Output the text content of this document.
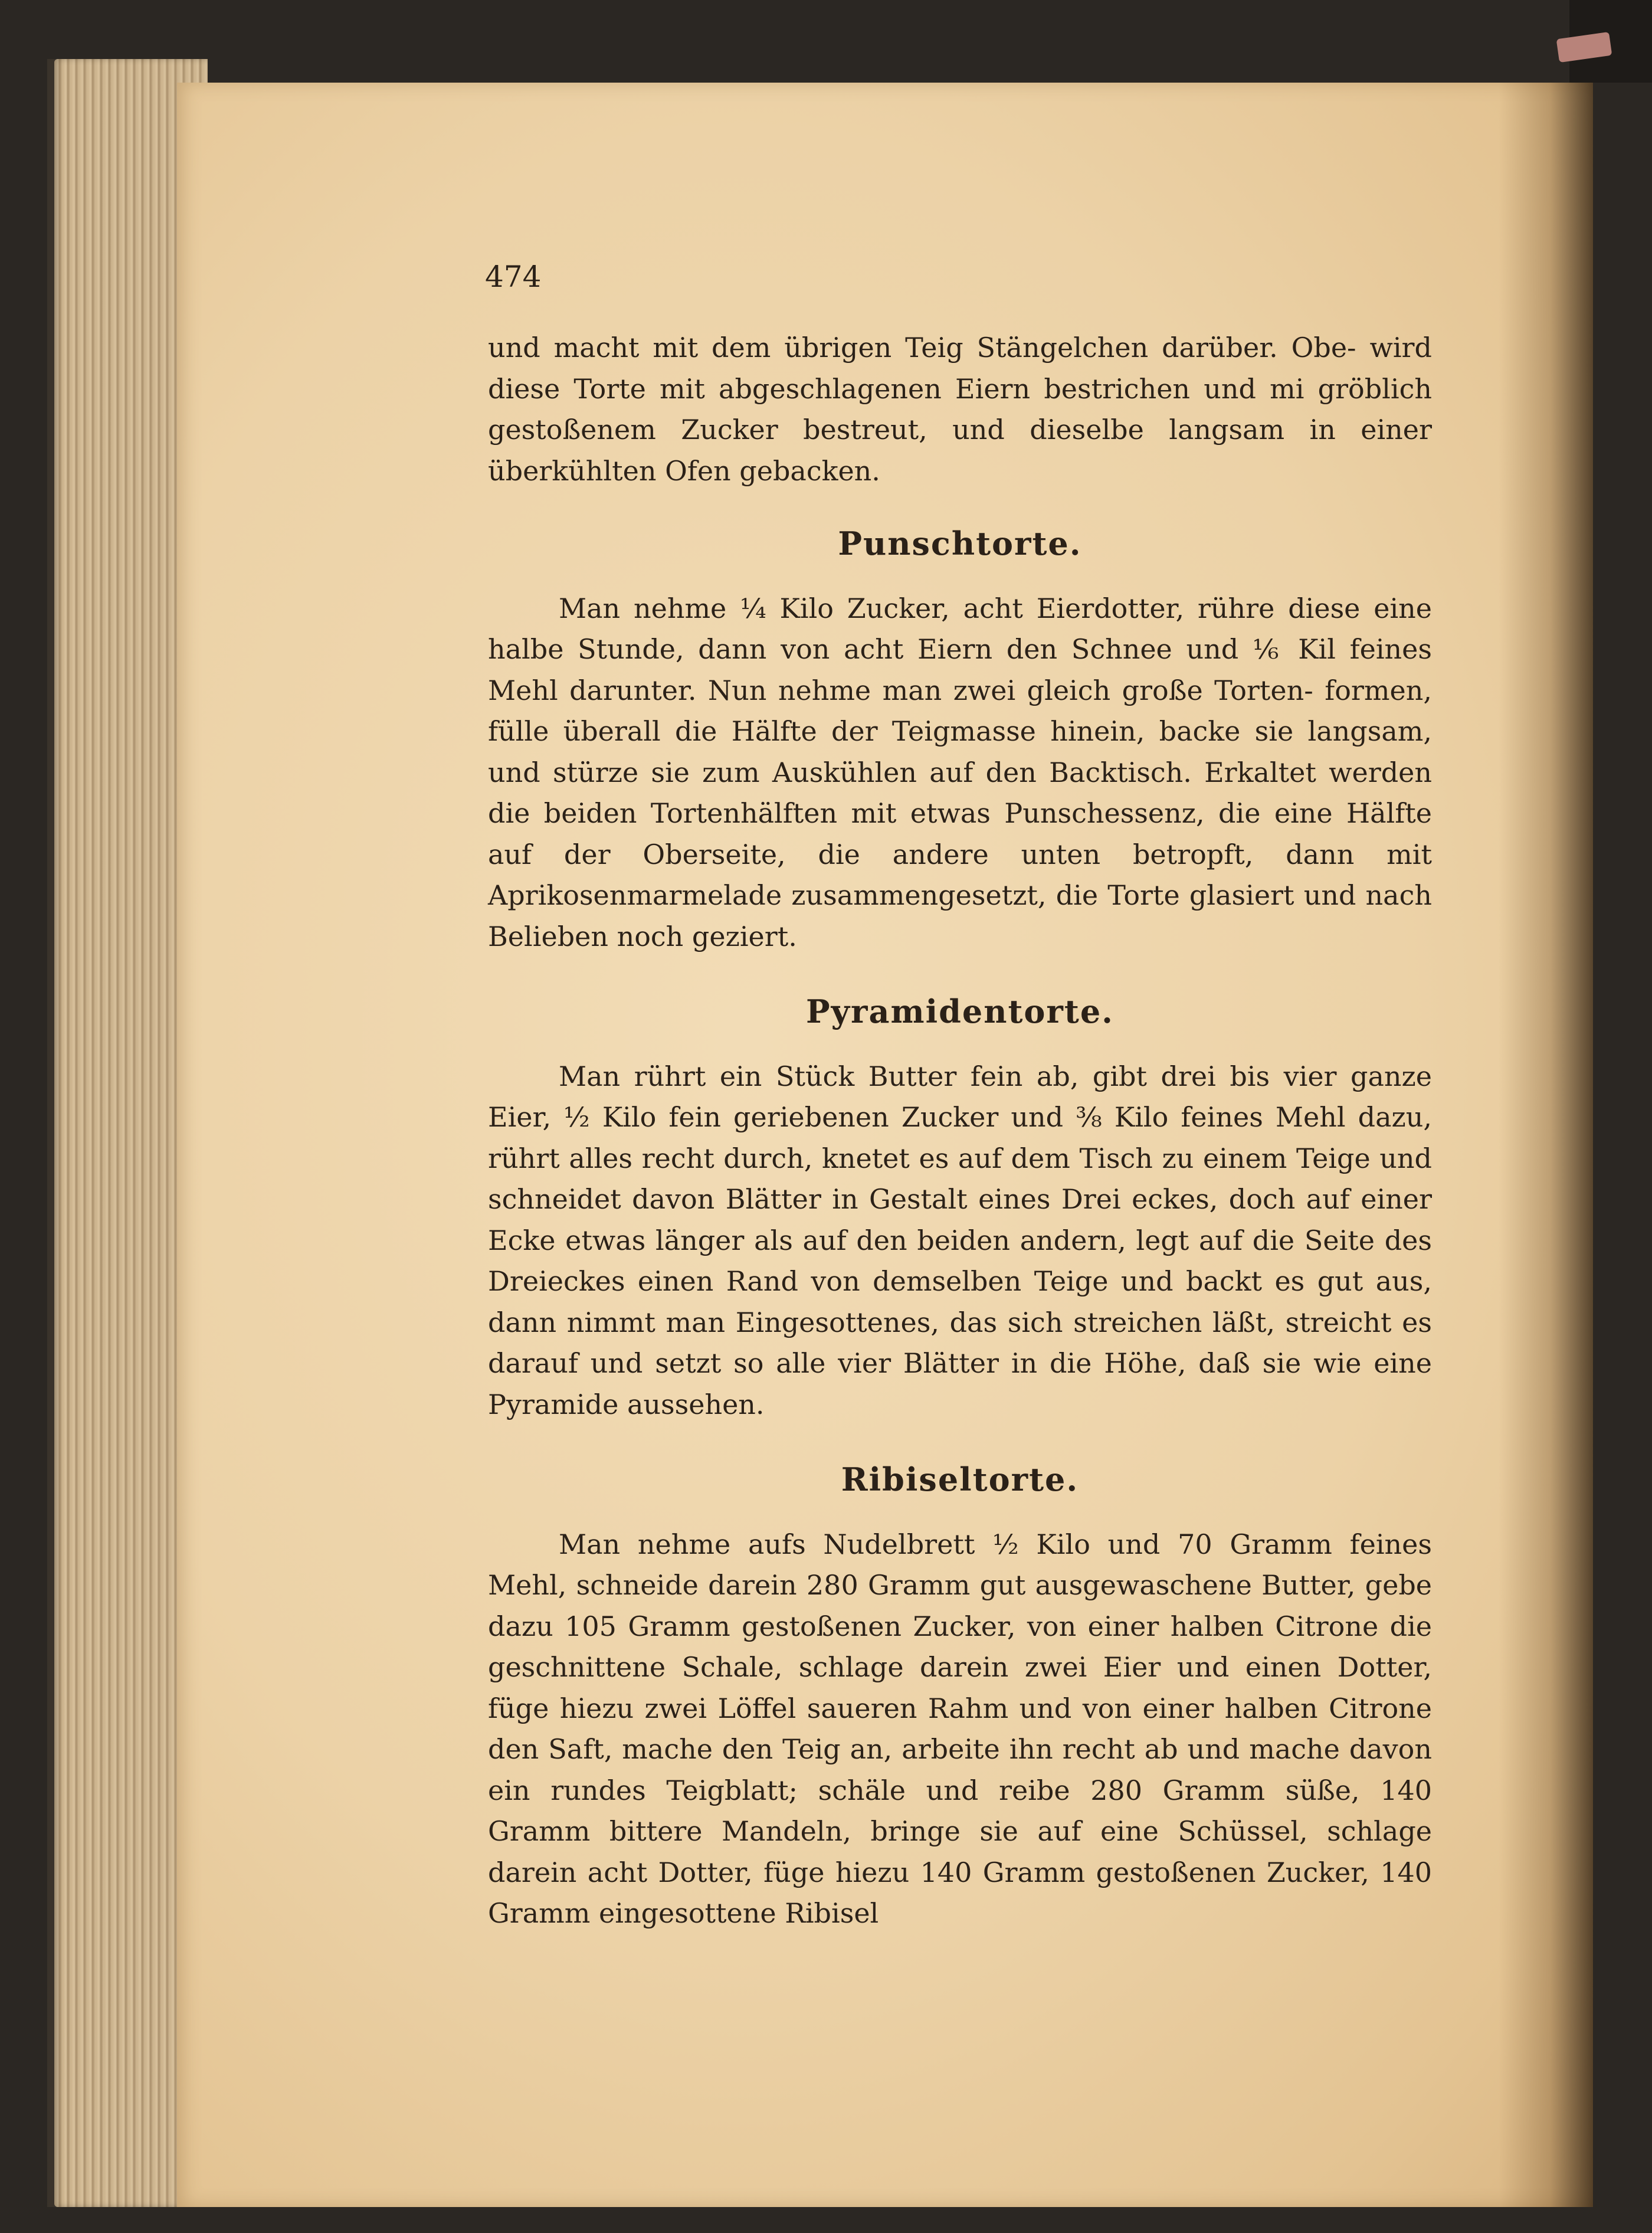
474

und macht mit dem übrigen Teig Stängelchen darüber. Obe- wird diese Torte mit abgeschlagenen Eiern bestrichen und mi gröblich gestoßenem Zucker bestreut, und dieselbe langsam in einer überkühlten Ofen gebacken.

Punschtorte.

Man nehme ¼ Kilo Zucker, acht Eierdotter, rühre diese eine halbe Stunde, dann von acht Eiern den Schnee und ⅙ Kil feines Mehl darunter. Nun nehme man zwei gleich große Torten- formen, fülle überall die Hälfte der Teigmasse hinein, backe sie langsam, und stürze sie zum Auskühlen auf den Backtisch. Erkaltet werden die beiden Tortenhälften mit etwas Punschessenz, die eine Hälfte auf der Oberseite, die andere unten betropft, dann mit Aprikosenmarmelade zusammengesetzt, die Torte glasiert und nach Belieben noch geziert.

Pyramidentorte.

Man rührt ein Stück Butter fein ab, gibt drei bis vier ganze Eier, ½ Kilo fein geriebenen Zucker und ⅜ Kilo feines Mehl dazu, rührt alles recht durch, knetet es auf dem Tisch zu einem Teige und schneidet davon Blätter in Gestalt eines Drei eckes, doch auf einer Ecke etwas länger als auf den beiden andern, legt auf die Seite des Dreieckes einen Rand von demselben Teige und backt es gut aus, dann nimmt man Eingesottenes, das sich streichen läßt, streicht es darauf und setzt so alle vier Blätter in die Höhe, daß sie wie eine Pyramide aussehen.

Ribiseltorte.

Man nehme aufs Nudelbrett ½ Kilo und 70 Gramm feines Mehl, schneide darein 280 Gramm gut ausgewaschene Butter, gebe dazu 105 Gramm gestoßenen Zucker, von einer halben Citrone die geschnittene Schale, schlage darein zwei Eier und einen Dotter, füge hiezu zwei Löffel saueren Rahm und von einer halben Citrone den Saft, mache den Teig an, arbeite ihn recht ab und mache davon ein rundes Teigblatt; schäle und reibe 280 Gramm süße, 140 Gramm bittere Mandeln, bringe sie auf eine Schüssel, schlage darein acht Dotter, füge hiezu 140 Gramm gestoßenen Zucker, 140 Gramm eingesottene Ribisel
